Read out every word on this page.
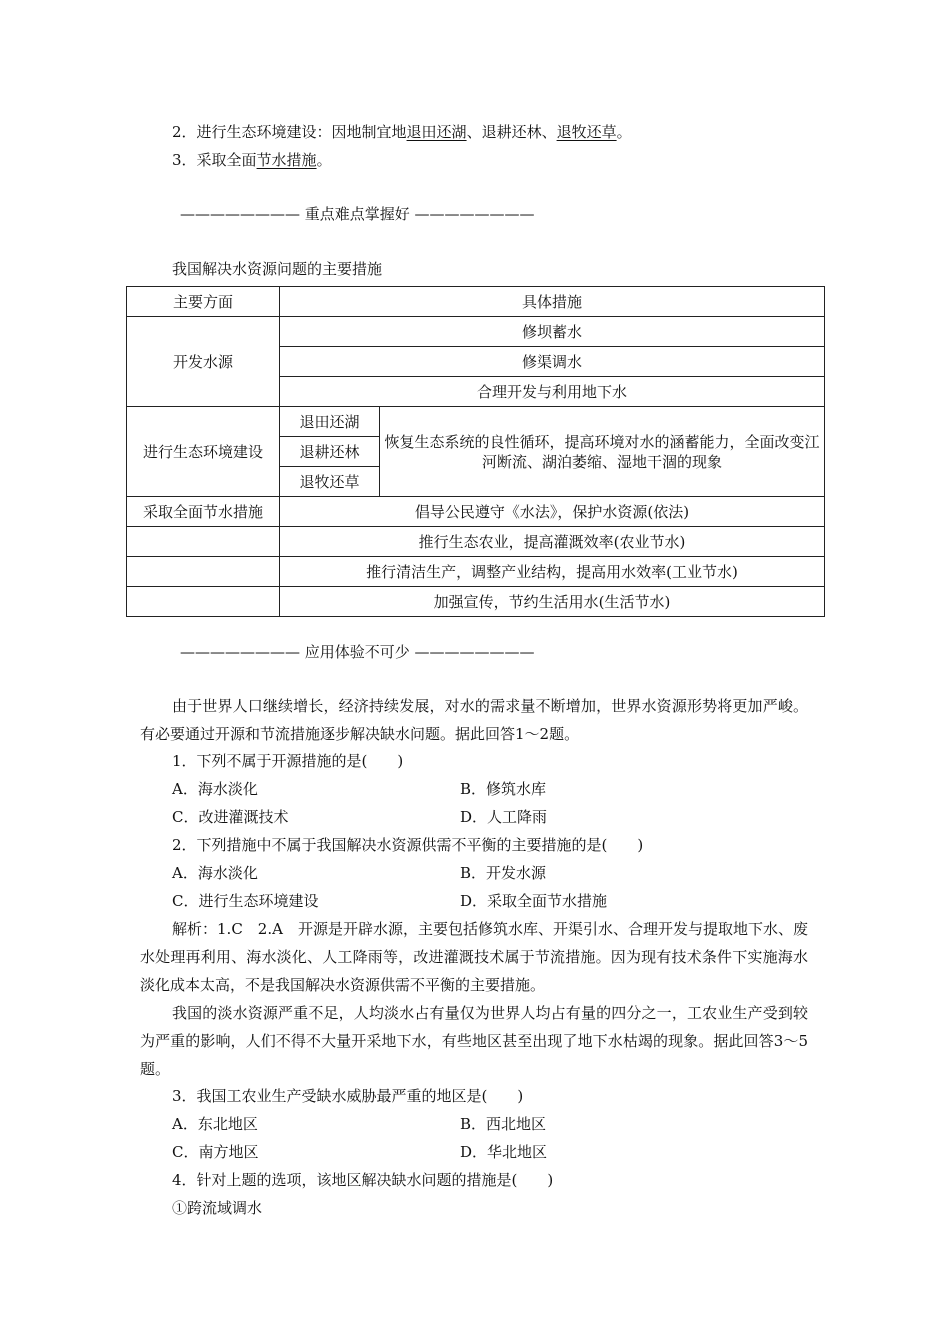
2．进行生态环境建设：因地制宜地退田还湖、退耕还林、退牧还草。
3．采取全面节水措施。
———————— 重点难点掌握好 ————————
我国解决水资源问题的主要措施
主要方面	具体措施	
开发水源	修坝蓄水	
	修渠调水	
	合理开发与利用地下水	
进行生态环境建设	退田还湖	恢复生态系统的良性循环，提高环境对水的涵蓄能力，全面改变江河断流、湖泊萎缩、湿地干涸的现象
	退耕还林	
	退牧还草	
采取全面节水措施	倡导公民遵守《水法》，保护水资源(依法)	
	推行生态农业，提高灌溉效率(农业节水)	
	推行清洁生产，调整产业结构，提高用水效率(工业节水)	
	加强宣传，节约生活用水(生活节水)	
———————— 应用体验不可少 ————————
由于世界人口继续增长，经济持续发展，对水的需求量不断增加，世界水资源形势将更加严峻。有必要通过开源和节流措施逐步解决缺水问题。据此回答1～2题。
1．下列不属于开源措施的是(　　)
A．海水淡化	B．修筑水库
C．改进灌溉技术	D．人工降雨
2．下列措施中不属于我国解决水资源供需不平衡的主要措施的是(　　)
A．海水淡化	B．开发水源
C．进行生态环境建设	D．采取全面节水措施
解析：1.C　2.A　开源是开辟水源，主要包括修筑水库、开渠引水、合理开发与提取地下水、废水处理再利用、海水淡化、人工降雨等，改进灌溉技术属于节流措施。因为现有技术条件下实施海水淡化成本太高，不是我国解决水资源供需不平衡的主要措施。
我国的淡水资源严重不足，人均淡水占有量仅为世界人均占有量的四分之一，工农业生产受到较为严重的影响，人们不得不大量开采地下水，有些地区甚至出现了地下水枯竭的现象。据此回答3～5题。
3．我国工农业生产受缺水威胁最严重的地区是(　　)
A．东北地区	B．西北地区
C．南方地区	D．华北地区
4．针对上题的选项，该地区解决缺水问题的措施是(　　)
①跨流域调水
